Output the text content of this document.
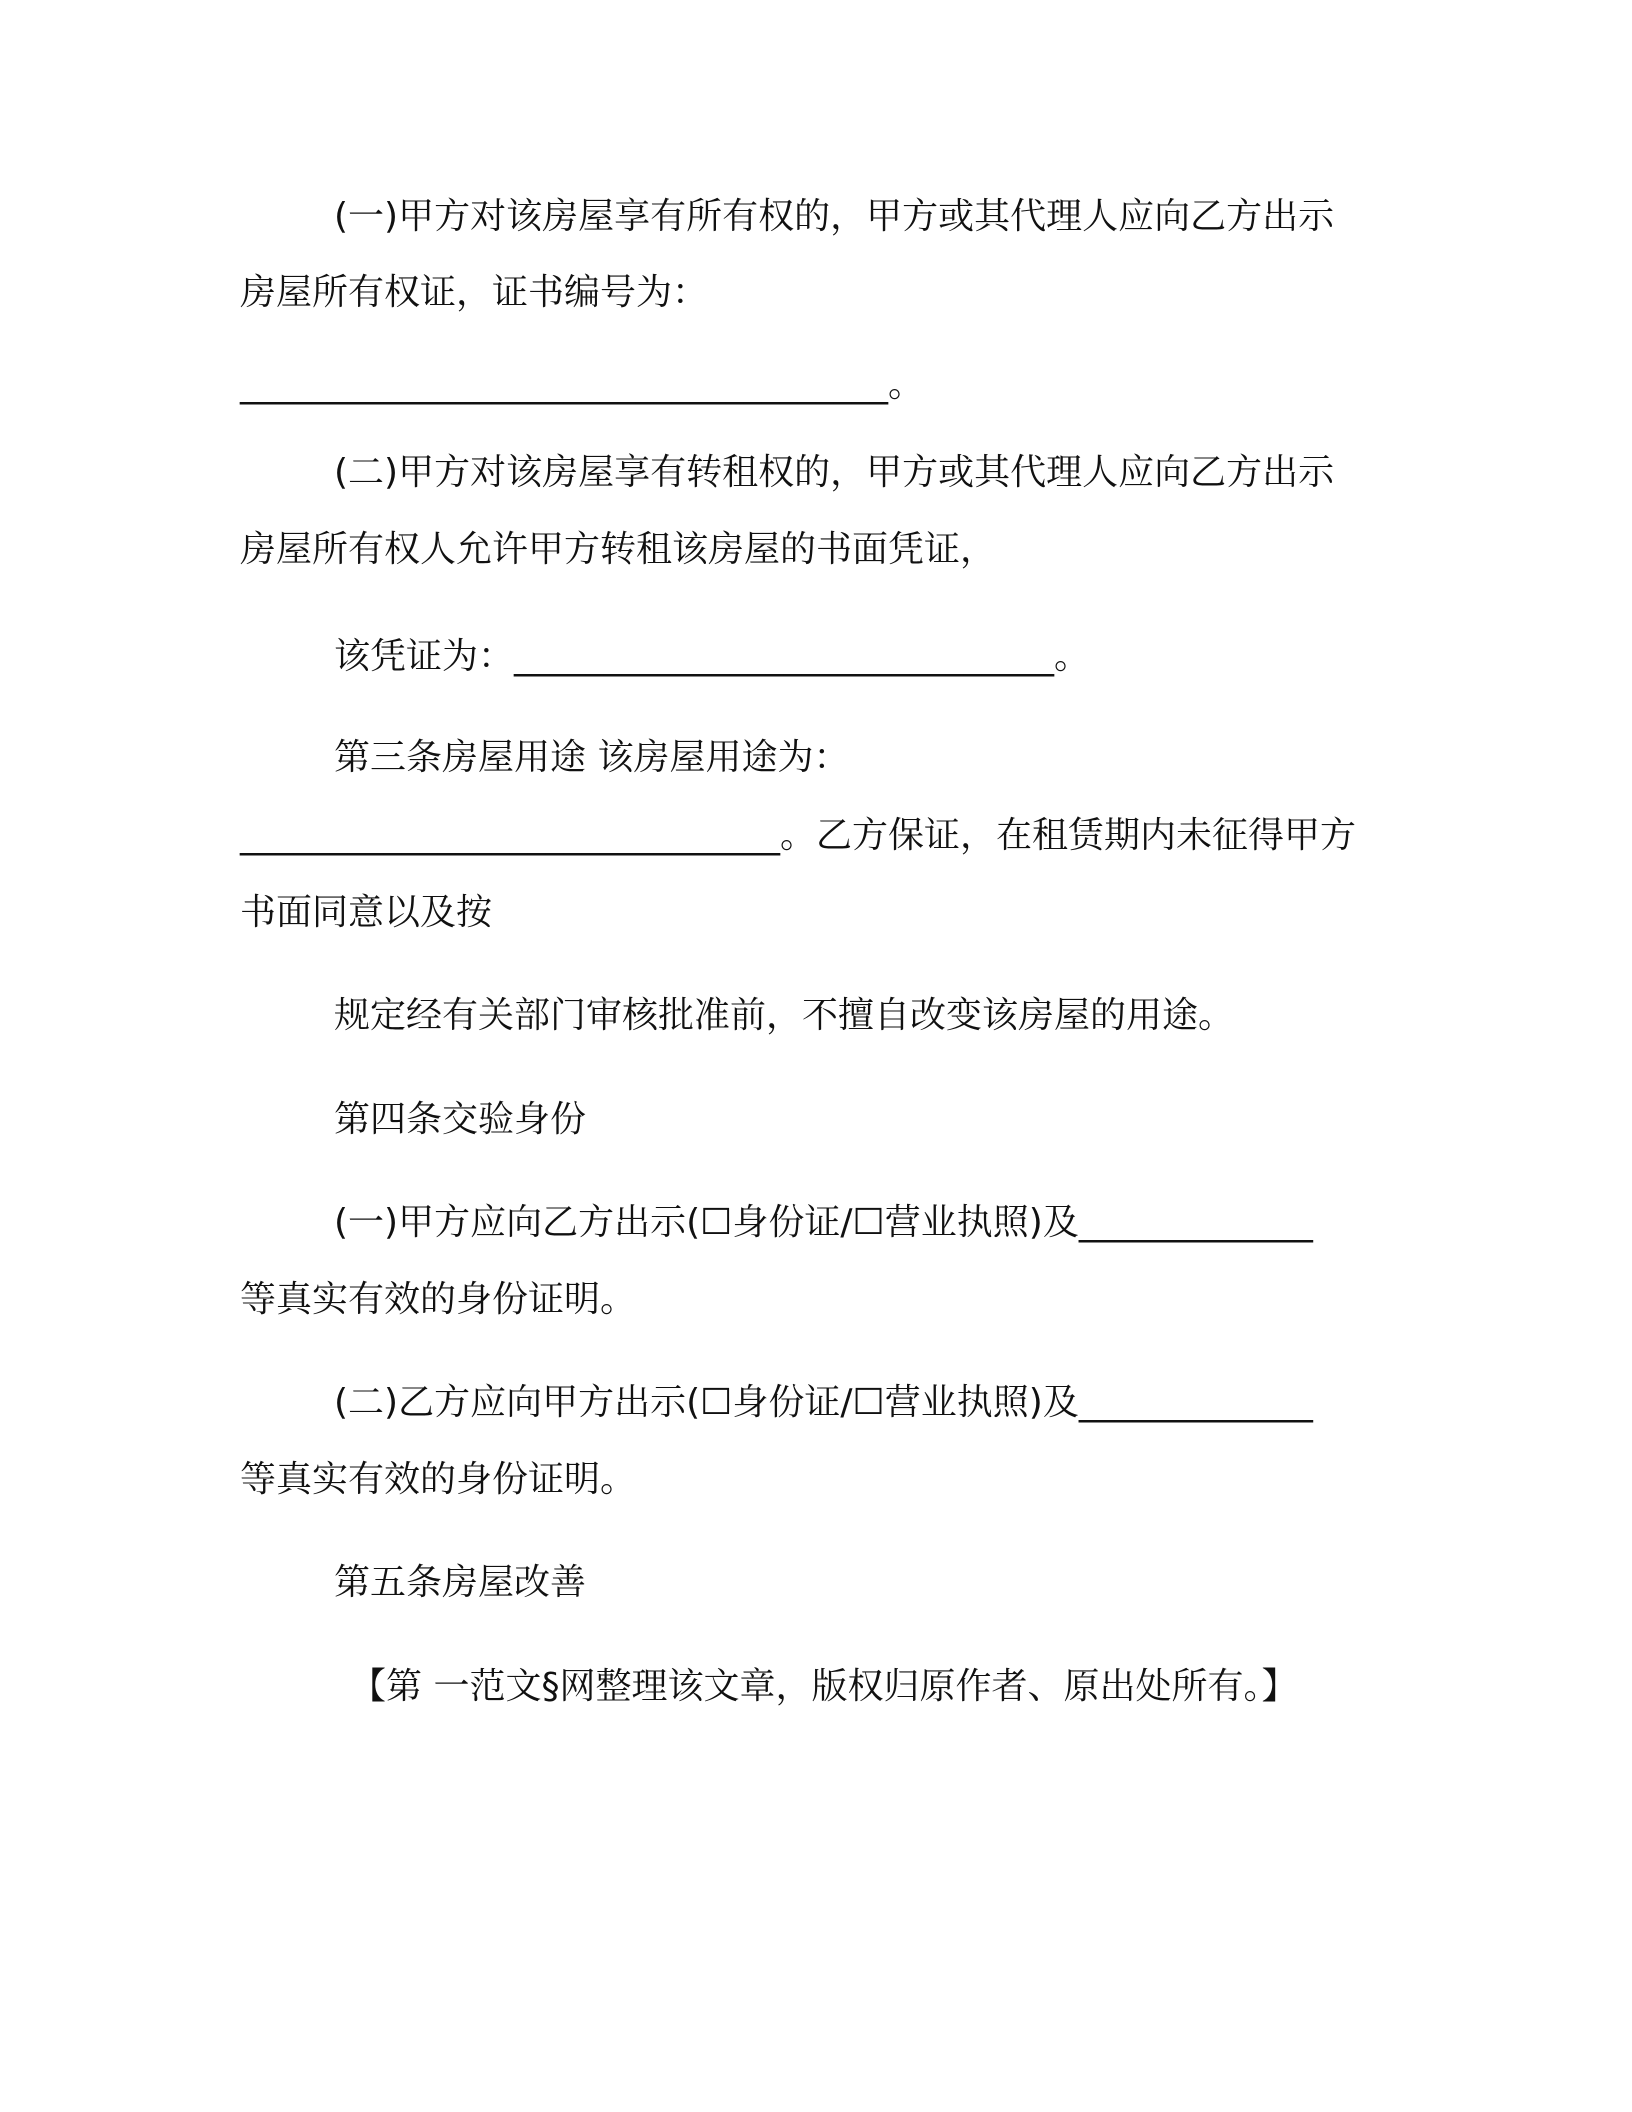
(一)甲方对该房屋享有所有权的，甲方或其代理人应向乙方出示
房屋所有权证，证书编号为：
____________________________________。
(二)甲方对该房屋享有转租权的，甲方或其代理人应向乙方出示
房屋所有权人允许甲方转租该房屋的书面凭证，
该凭证为：______________________________。
第三条房屋用途 该房屋用途为：
______________________________。乙方保证，在租赁期内未征得甲方
书面同意以及按
规定经有关部门审核批准前，不擅自改变该房屋的用途。
第四条交验身份
(一)甲方应向乙方出示(☐身份证/☐营业执照)及_____________
等真实有效的身份证明。
(二)乙方应向甲方出示(☐身份证/☐营业执照)及_____________
等真实有效的身份证明。
第五条房屋改善
【第 一范文§网整理该文章，版权归原作者、原出处所有。】
